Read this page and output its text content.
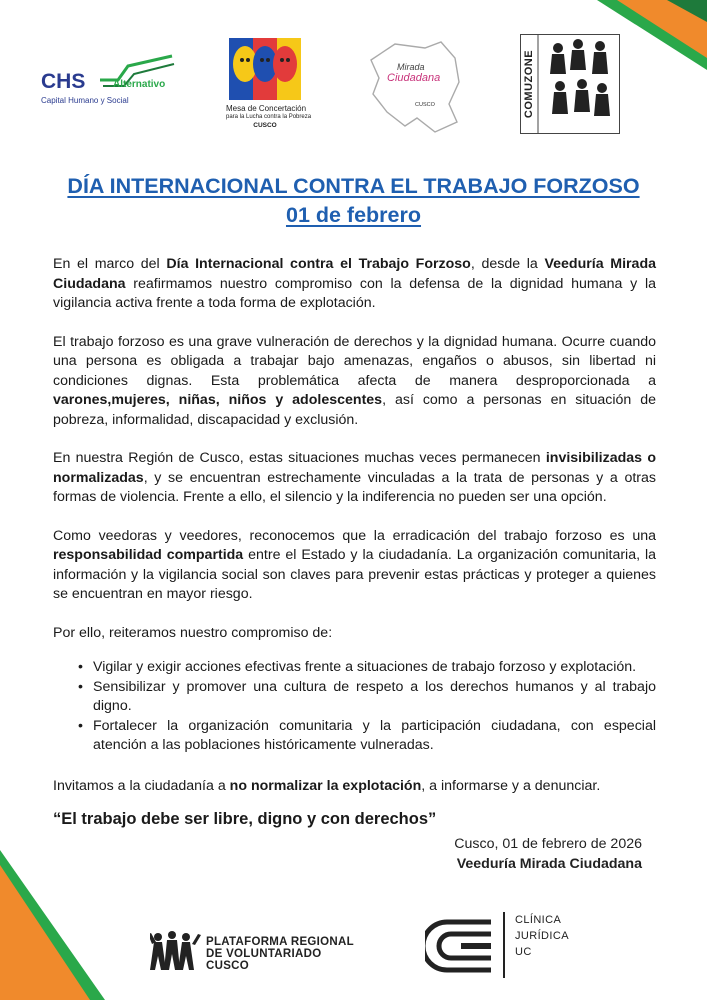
CHS	Alternativo
Capital Humano y Social
Mesa de Concertación
para la Lucha contra la Pobreza
CUSCO
Mirada
Ciudadana
CUSCO	COMUZONE
DÍA INTERNACIONAL CONTRA EL TRABAJO FORZOSO
01 de febrero

En el marco del Día Internacional contra el Trabajo Forzoso, desde la Veeduría Mirada Ciudadana reafirmamos nuestro compromiso con la defensa de la dignidad humana y la vigilancia activa frente a toda forma de explotación.

El trabajo forzoso es una grave vulneración de derechos y la dignidad humana. Ocurre cuando una persona es obligada a trabajar bajo amenazas, engaños o abusos, sin libertad ni condiciones dignas. Esta problemática afecta de manera desproporcionada a varones,mujeres, niñas, niños y adolescentes, así como a personas en situación de pobreza, informalidad, discapacidad y exclusión.

En nuestra Región de Cusco, estas situaciones muchas veces permanecen invisibilizadas o normalizadas, y se encuentran estrechamente vinculadas a la trata de personas y a otras formas de violencia. Frente a ello, el silencio y la indiferencia no pueden ser una opción.

Como veedoras y veedores, reconocemos que la erradicación del trabajo forzoso es una responsabilidad compartida entre el Estado y la ciudadanía. La organización comunitaria, la información y la vigilancia social son claves para prevenir estas prácticas y proteger a quienes se encuentran en mayor riesgo.

Por ello, reiteramos nuestro compromiso de:

• Vigilar y exigir acciones efectivas frente a situaciones de trabajo forzoso y explotación.
• Sensibilizar y promover una cultura de respeto a los derechos humanos y al trabajo digno.
• Fortalecer la organización comunitaria y la participación ciudadana, con especial atención a las poblaciones históricamente vulneradas.

Invitamos a la ciudadanía a no normalizar la explotación, a informarse y a denunciar.

“El trabajo debe ser libre, digno y con derechos”

Cusco, 01 de febrero de 2026
Veeduría Mirada Ciudadana
PLATAFORMA REGIONAL
DE VOLUNTARIADO
CUSCO
CLÍNICA
JURÍDICA
UC
